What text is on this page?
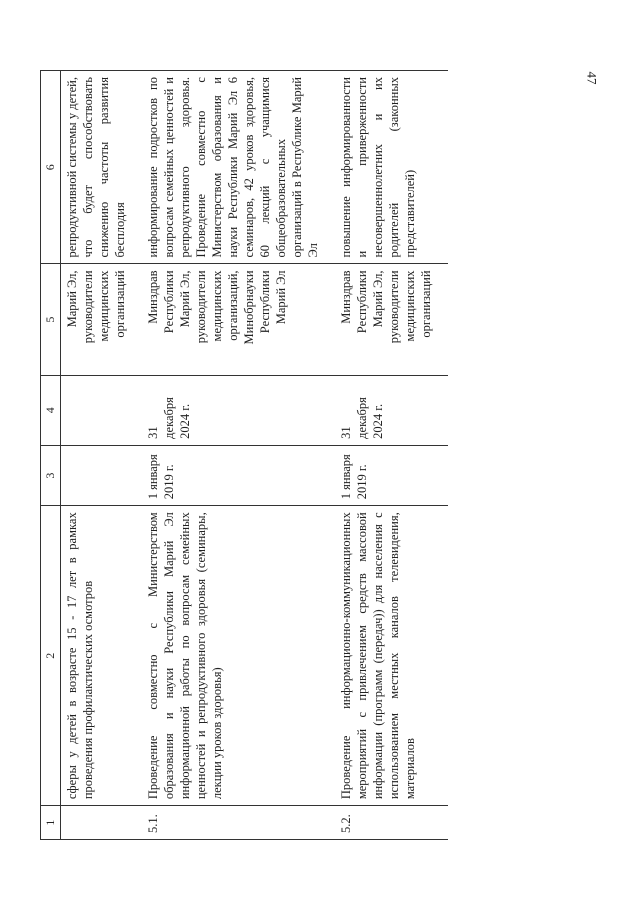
47
1	2	3	4	5	6
	сферы у детей в возрасте 15 - 17 лет в рамках проведения профилактических осмотров			Марий Эл, руководители медицинских организаций	репродуктивной системы у детей, что будет способствовать снижению частоты развития бесплодия
5.1.	Проведение совместно с Министерством образования и науки Республики Марий Эл информационной работы по вопросам семейных ценностей и репродуктивного здоровья (семинары, лекции уроков здоровья)	1 января 2019 г.	31 декабря 2024 г.	Минздрав Республики Марий Эл, руководители медицинских организаций, Минобрнауки Республики Марий Эл	информирование подростков по вопросам семейных ценностей и репродуктивного здоровья. Проведение совместно с Министерством образования и науки Республики Марий Эл 6 семинаров, 42 уроков здоровья, 60 лекций с учащимися общеобразовательных организаций в Республике Марий Эл
5.2.	Проведение информационно-коммуникационных мероприятий с привлечением средств массовой информации (программ (передач)) для населения с использованием местных каналов телевидения, материалов	1 января 2019 г.	31 декабря 2024 г.	Минздрав Республики Марий Эл, руководители медицинских организаций	повышение информированности и приверженности несовершеннолетних и их родителей (законных представителей)
